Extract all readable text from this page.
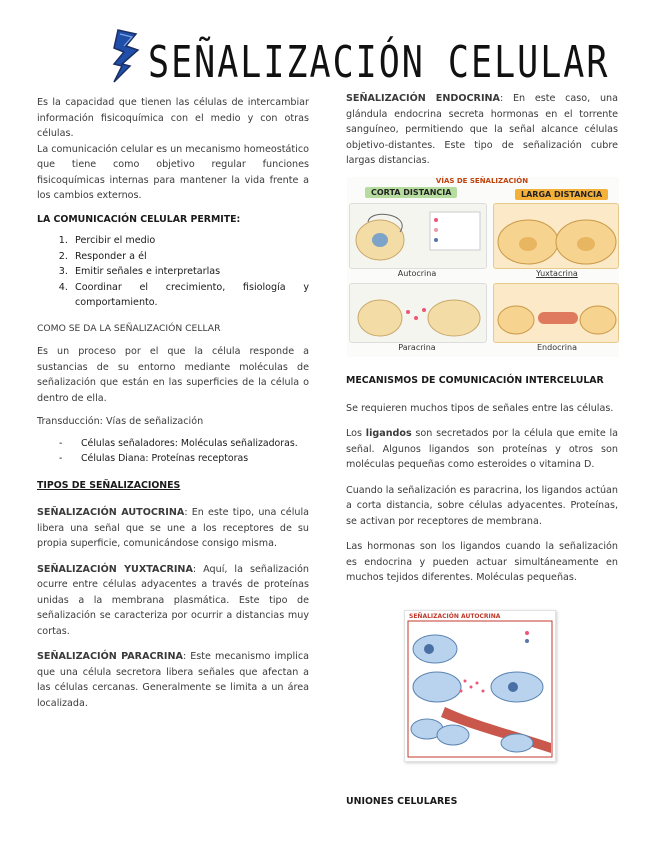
SEÑALIZACIÓN CELULAR

Es la capacidad que tienen las células de intercambiar información fisicoquímica con el medio y con otras células.

La comunicación celular es un mecanismo homeostático que tiene como objetivo regular funciones fisicoquímicas internas para mantener la vida frente a los cambios externos.

LA COMUNICACIÓN CELULAR PERMITE:

1. Percibir el medio
2. Responder a él
3. Emitir señales e interpretarlas
4. Coordinar el crecimiento, fisiología y comportamiento.

COMO SE DA LA SEÑALIZACIÓN CELLAR

Es un proceso por el que la célula responde a sustancias de su entorno mediante moléculas de señalización que están en las superficies de la célula o dentro de ella.

Transducción: Vías de señalización

- Células señaladores: Moléculas señalizadoras.
- Células Diana: Proteínas receptoras

TIPOS DE SEÑALIZACIONES

SEÑALIZACIÓN AUTOCRINA: En este tipo, una célula libera una señal que se une a los receptores de su propia superficie, comunicándose consigo misma.

SEÑALIZACIÓN YUXTACRINA: Aquí, la señalización ocurre entre células adyacentes a través de proteínas unidas a la membrana plasmática. Este tipo de señalización se caracteriza por ocurrir a distancias muy cortas.

SEÑALIZACIÓN PARACRINA: Este mecanismo implica que una célula secretora libera señales que afectan a las células cercanas. Generalmente se limita a un área localizada.

SEÑALIZACIÓN ENDOCRINA: En este caso, una glándula endocrina secreta hormonas en el torrente sanguíneo, permitiendo que la señal alcance células objetivo-distantes. Este tipo de señalización cubre largas distancias.

VÍAS DE SEÑALIZACIÓN
CORTA DISTANCIA	LARGA DISTANCIA
Autocrina	Yuxtacrina
Paracrina	Endocrina

MECANISMOS DE COMUNICACIÓN INTERCELULAR

Se requieren muchos tipos de señales entre las células.

Los ligandos son secretados por la célula que emite la señal. Algunos ligandos son proteínas y otros son moléculas pequeñas como esteroides o vitamina D.

Cuando la señalización es paracrina, los ligandos actúan a corta distancia, sobre células adyacentes. Proteínas, se activan por receptores de membrana.

Las hormonas son los ligandos cuando la señalización es endocrina y pueden actuar simultáneamente en muchos tejidos diferentes. Moléculas pequeñas.

SEÑALIZACIÓN AUTOCRINA

UNIONES CELULARES
